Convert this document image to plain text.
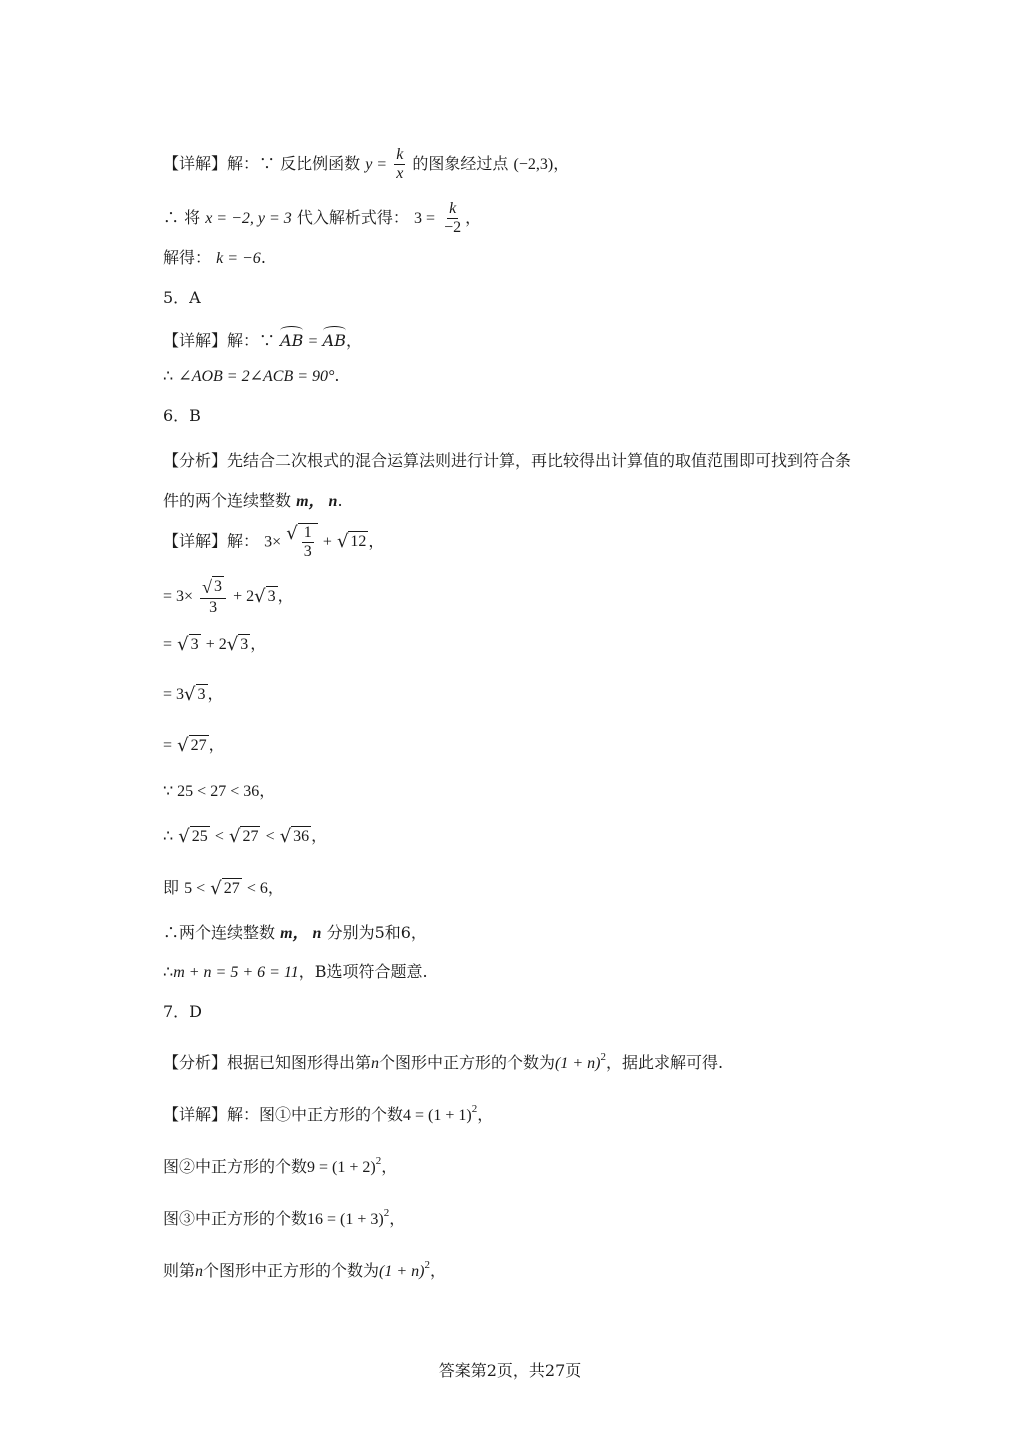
【详解】解：∵ 反比例函数 $y = \frac{k}{x}$ 的图象经过点 (−2,3)，
∴ 将 x = −2, y = 3 代入解析式得： $3 = \frac{k}{-2}$ ，
解得： k = −6.
5．A
【详解】解：∵ AB = AB，
∴ ∠AOB = 2∠ACB = 90°.
6．B
【分析】先结合二次根式的混合运算法则进行计算，再比较得出计算值的取值范围即可找到符合条件的两个连续整数 m， n.
【详解】解： 3× √ $\frac{1}{3}$ + √ 12 ，
= $3\times \frac{√ 3}{3} + 2$ √ 3 ，
= √ 3 + 2 √ 3 ，
= 3 √ 3 ，
= √ 27 ，
∵ 25 < 27 < 36，
∴ √ 25 < √ 27 < √ 36 ，
即 5 < √ 27 < 6，
∴两个连续整数 m， n 分别为5和6，
∴m + n = 5 + 6 = 11，B选项符合题意.
7．D
【分析】根据已知图形得出第n个图形中正方形的个数为$(1 + n)^2$，据此求解可得.
【详解】解：图①中正方形的个数$4 = (1 + 1)^2$，
图②中正方形的个数$9 = (1 + 2)^2$，
图③中正方形的个数$16 = (1 + 3)^2$，
则第n个图形中正方形的个数为$(1 + n)^2$，
答案第2页，共27页
